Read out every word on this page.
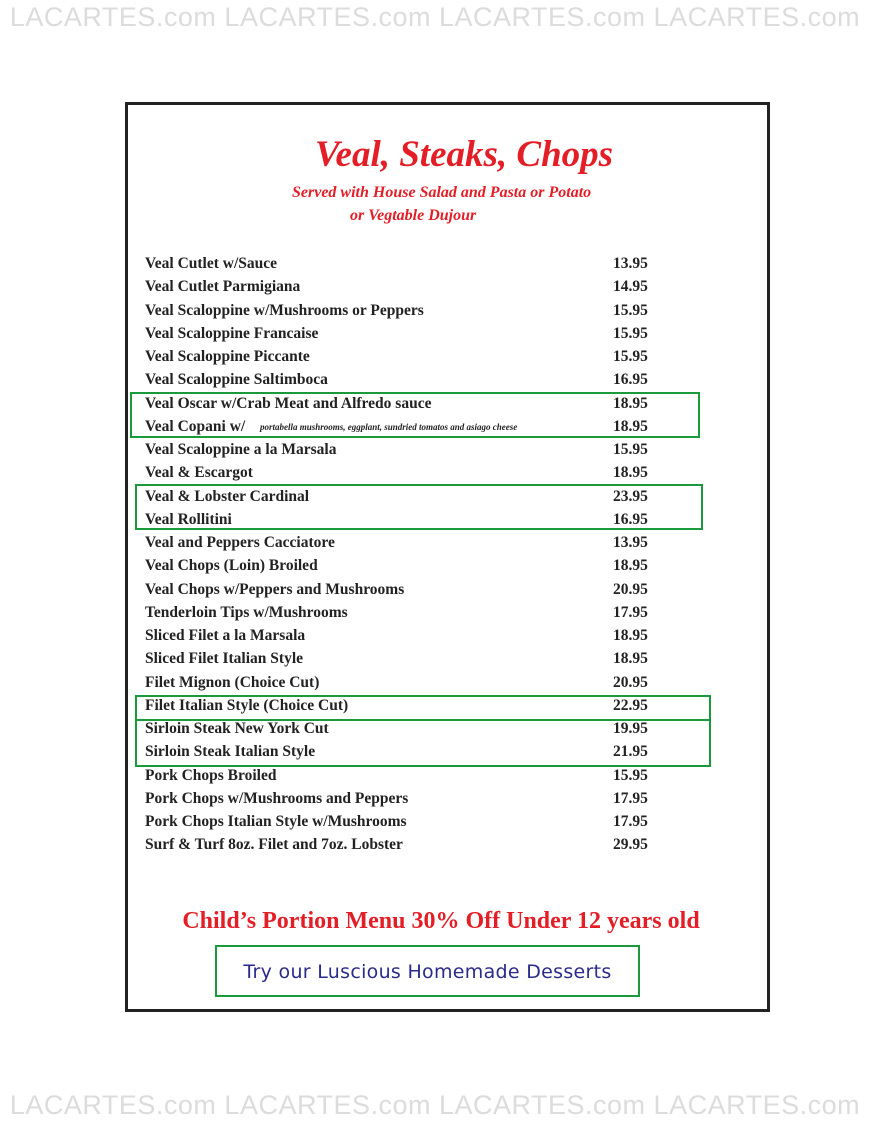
LACARTES.com LACARTES.com LACARTES.com LACARTES.com
Veal, Steaks, Chops
Served with House Salad and Pasta or Potato
or Vegtable Dujour
Veal Cutlet w/Sauce	13.95
Veal Cutlet Parmigiana	14.95
Veal Scaloppine w/Mushrooms or Peppers	15.95
Veal Scaloppine Francaise	15.95
Veal Scaloppine Piccante	15.95
Veal Scaloppine Saltimboca	16.95
Veal Oscar w/Crab Meat and Alfredo sauce	18.95
Veal Copani w/ portabella mushrooms, eggplant, sundried tomatos and asiago cheese	18.95
Veal Scaloppine a la Marsala	15.95
Veal & Escargot	18.95
Veal & Lobster Cardinal	23.95
Veal Rollitini	16.95
Veal and Peppers Cacciatore	13.95
Veal Chops (Loin) Broiled	18.95
Veal Chops w/Peppers and Mushrooms	20.95
Tenderloin Tips w/Mushrooms	17.95
Sliced Filet a la Marsala	18.95
Sliced Filet Italian Style	18.95
Filet Mignon (Choice Cut)	20.95
Filet Italian Style (Choice Cut)	22.95
Sirloin Steak New York Cut	19.95
Sirloin Steak Italian Style	21.95
Pork Chops Broiled	15.95
Pork Chops w/Mushrooms and Peppers	17.95
Pork Chops Italian Style w/Mushrooms	17.95
Surf & Turf 8oz. Filet and 7oz. Lobster	29.95
Child’s Portion Menu 30% Off Under 12 years old
Try our Luscious Homemade Desserts
LACARTES.com LACARTES.com LACARTES.com LACARTES.com
